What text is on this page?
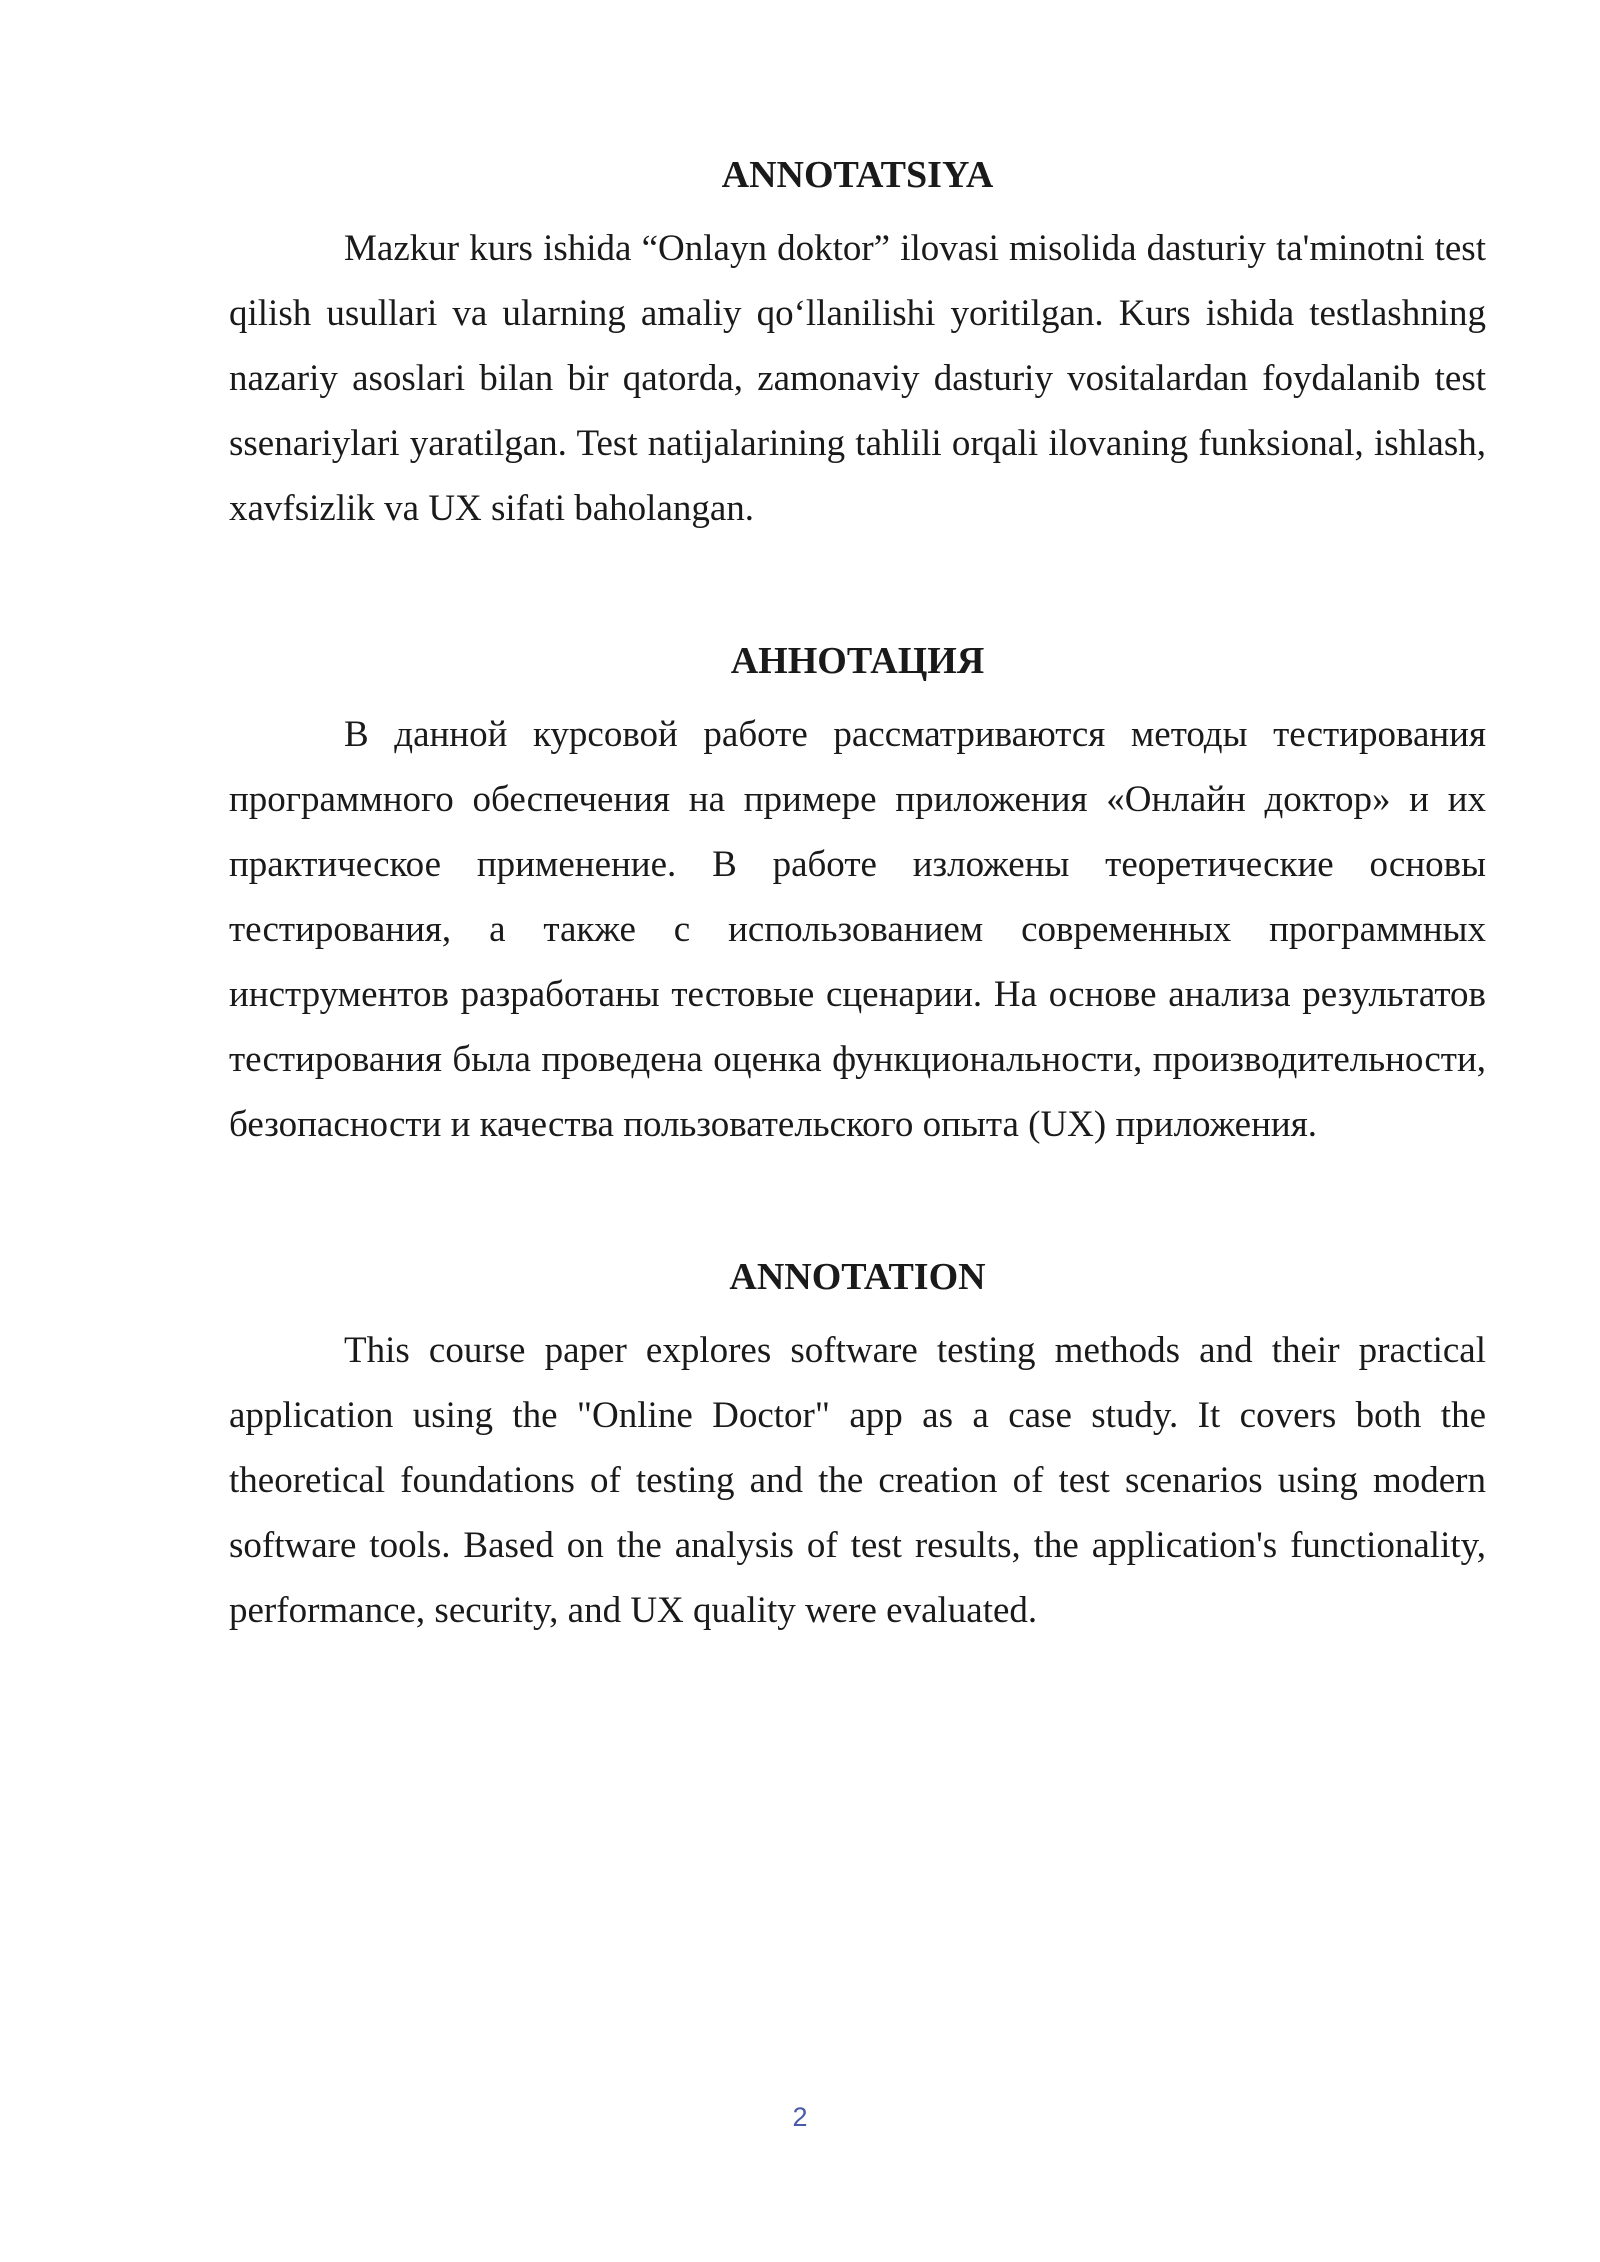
ANNOTATSIYA

Mazkur kurs ishida “Onlayn doktor” ilovasi misolida dasturiy ta'minotni test qilish usullari va ularning amaliy qo‘llanilishi yoritilgan. Kurs ishida testlashning nazariy asoslari bilan bir qatorda, zamonaviy dasturiy vositalardan foydalanib test ssenariylari yaratilgan. Test natijalarining tahlili orqali ilovaning funksional, ishlash, xavfsizlik va UX sifati baholangan.

АННОТАЦИЯ

В данной курсовой работе рассматриваются методы тестирования программного обеспечения на примере приложения «Онлайн доктор» и их практическое применение. В работе изложены теоретические основы тестирования, а также с использованием современных программных инструментов разработаны тестовые сценарии. На основе анализа результатов тестирования была проведена оценка функциональности, производительности, безопасности и качества пользовательского опыта (UX) приложения.

ANNOTATION

This course paper explores software testing methods and their practical application using the "Online Doctor" app as a case study. It covers both the theoretical foundations of testing and the creation of test scenarios using modern software tools. Based on the analysis of test results, the application's functionality, performance, security, and UX quality were evaluated.

2
